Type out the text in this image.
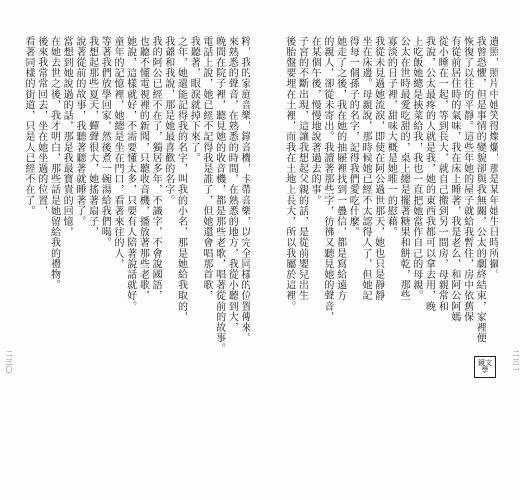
遺照，照片中她笑得燦爛，那是某年她生日時所攝。

我曾恐懼，但是事情的變貌卻與我無關，公太的劇終結束，家裡便

恢復了以往的平靜。這些年她的屋子就給我暫住，房中依舊保

有從前居住時的氣味，我在床上睡著，我是老么，和阿公阿媽

從小睡在一起，等到長大，就自己搬到另一間房，母親常和

我說，公太最疼的人就是我，她的東西我都可以拿去用，晚

上吃飯她總是挾菜給我，我也一直把她當作自己的母親。

公太在世時最愛吃甜的，桌上總是擺著糖果和餅乾，那些

寡淡的日子裡，甜味大概是她唯一的慰藉。

我從未見過她流淚，即使在阿公過世那天，她也只是靜靜

坐在床邊。母親說，那時候她已經不太認得人了，但她記

得每一個孫子的名字，記得我們愛吃什麼。

她走了之後，我在她的抽屜裡找到一疊信，都是寫給遠方

的親人，卻從未寄出。我讀著那些字，彷彿又聽見她的聲音，

在某個午後，慢慢地說著過去的事。

子宮的不斷出現，這讓我想起父親的話，是從前嬰兒出生

後胎盤要埋在土裡，而我在土地上長大，所以我屬於這裡。

粹，我的家庭音樂，錄音機，卡帶音樂，以完全同樣的位置傳來。

來熟悉的聲音，在熟悉的時間，在熟悉的地方，我從小聽到大，

晚間在院子裡，聽見她的收音機，都是那些老歌，唱著從前的故事。

電話上說，她已經不記得我是誰了，但她還會唱那首歌，

我聽著，眼淚就掉下來了。

之年，她還能記得我的名字，叫我的小名，那是她給我取的，

我爺和我說，那是她最喜歡的名字。

我的阿公已經不在了，獨居多年，不識字，不會說國語，

也聽不懂電視裡的新聞，只聽收音機，播放著那些老歌，

她說，這樣就好，不需要懂太多，只要有人陪著說話就好。

童年的記憶裡，她總是坐在門口，看著來往的人，

等著我們放學回家，然後煮一碗湯給我們喝。

我想起那些夏天，蟬聲很大，她搖著扇子，

說著從前的故事，我聽著聽著就睡著了。

當想到她說過的話，那是我最寶貴的回憶，

在她去世之後，我才明白，那些話是她留給我的禮物。

後來我常常回去，坐在她坐過的位置，

看著同樣的街道，只是人已經不在了。

二三〇	二三一
鏡文學
